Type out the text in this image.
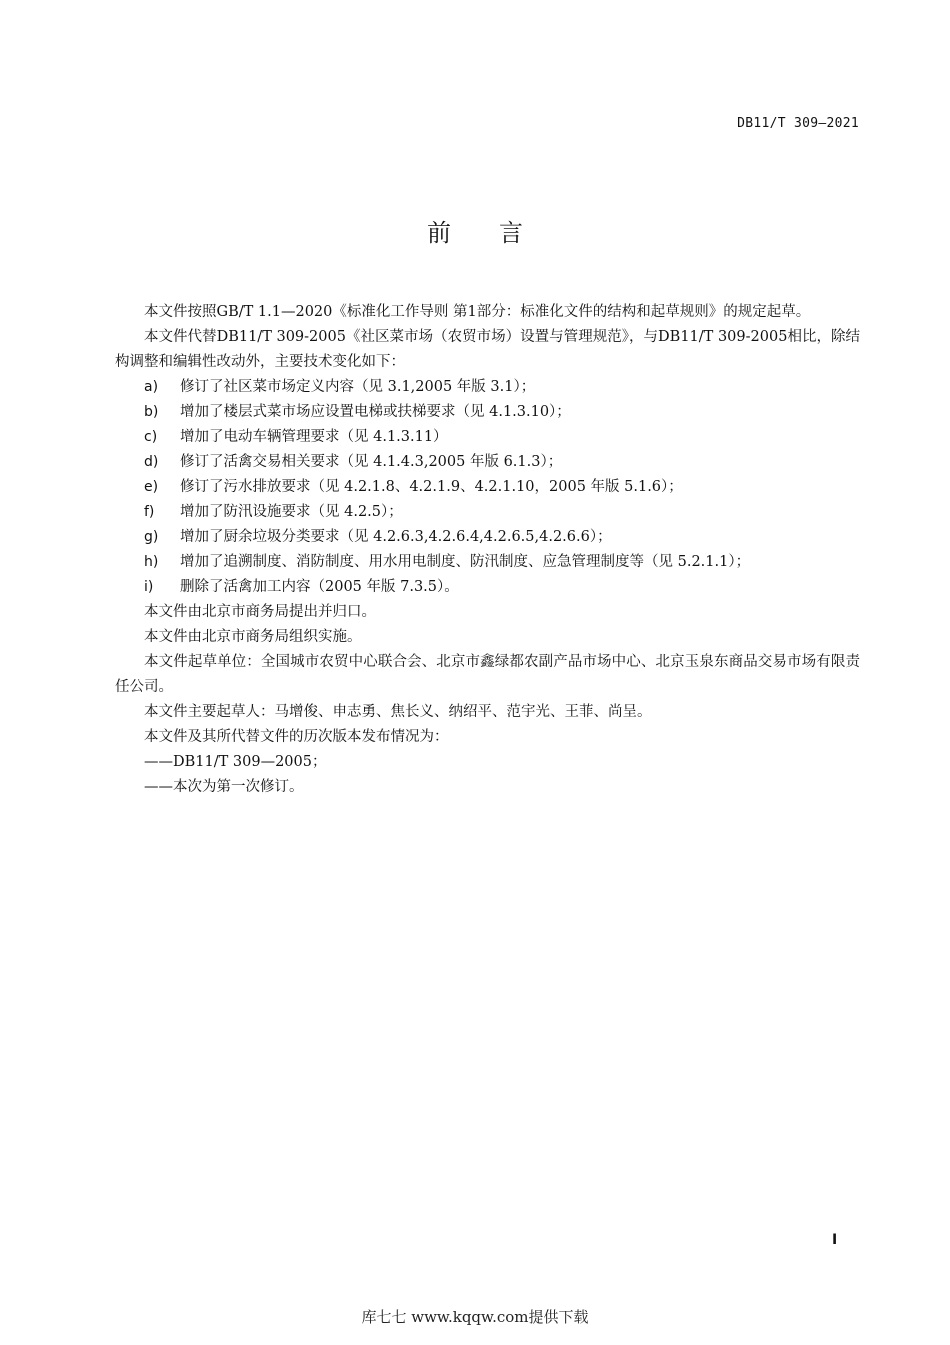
DB11/T 309—2021
前言

本文件按照GB/T 1.1—2020《标准化工作导则 第1部分：标准化文件的结构和起草规则》的规定起草。

本文件代替DB11/T 309-2005《社区菜市场（农贸市场）设置与管理规范》，与DB11/T 309-2005相比，除结构调整和编辑性改动外，主要技术变化如下：

a)	修订了社区菜市场定义内容（见 3.1,2005 年版 3.1）；
b)	增加了楼层式菜市场应设置电梯或扶梯要求（见 4.1.3.10）；
c)	增加了电动车辆管理要求（见 4.1.3.11）
d)	修订了活禽交易相关要求（见 4.1.4.3,2005 年版 6.1.3）；
e)	修订了污水排放要求（见 4.2.1.8、4.2.1.9、4.2.1.10，2005 年版 5.1.6）；
f)	增加了防汛设施要求（见 4.2.5）；
g)	增加了厨余垃圾分类要求（见 4.2.6.3,4.2.6.4,4.2.6.5,4.2.6.6）；
h)	增加了追溯制度、消防制度、用水用电制度、防汛制度、应急管理制度等（见 5.2.1.1）；
i)	删除了活禽加工内容（2005 年版 7.3.5）。

本文件由北京市商务局提出并归口。

本文件由北京市商务局组织实施。

本文件起草单位：全国城市农贸中心联合会、北京市鑫绿都农副产品市场中心、北京玉泉东商品交易市场有限责任公司。

本文件主要起草人：马增俊、申志勇、焦长义、纳绍平、范宇光、王菲、尚呈。

本文件及其所代替文件的历次版本发布情况为：

——DB11/T 309—2005；

——本次为第一次修订。

I
库七七 www.kqqw.com提供下载
